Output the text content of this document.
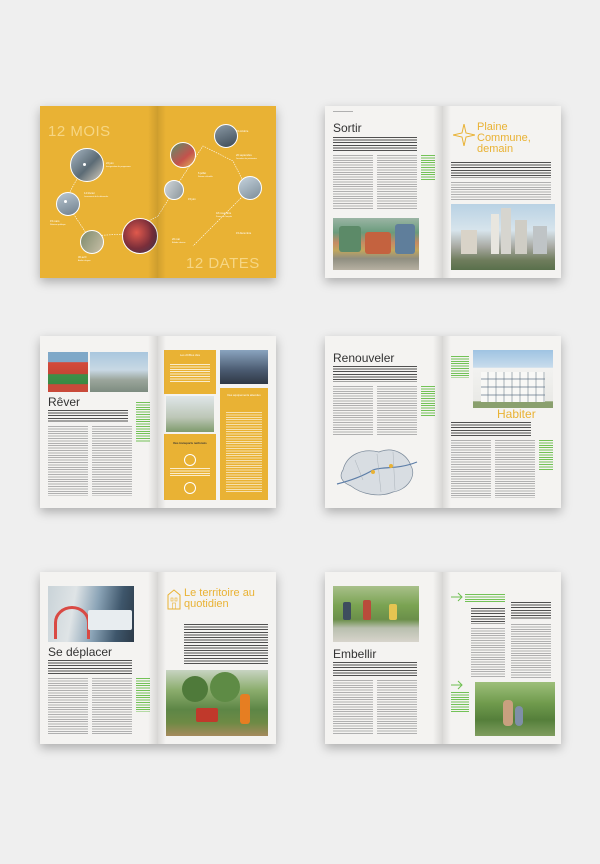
12 MOIS
22 juin
Inauguration du programme
14 février
Lancement de la démarche
15 mars
Réunion publique
30 avril
Atelier citoyen
20 septembre
Journées du patrimoine
15 octobre
6 juillet
Saison culturelle
15 juin
18 novembre
Forum de l'emploi
15 décembre
20 mai
Balade urbaine
12 DATES
Sortir	Plaine Commune, demain
Rêver
Les chiffres clés
Des transports renforcés
Des équipements attendus
Renouveler
Habiter
Se déplacer
Le territoire au quotidien
Embellir
